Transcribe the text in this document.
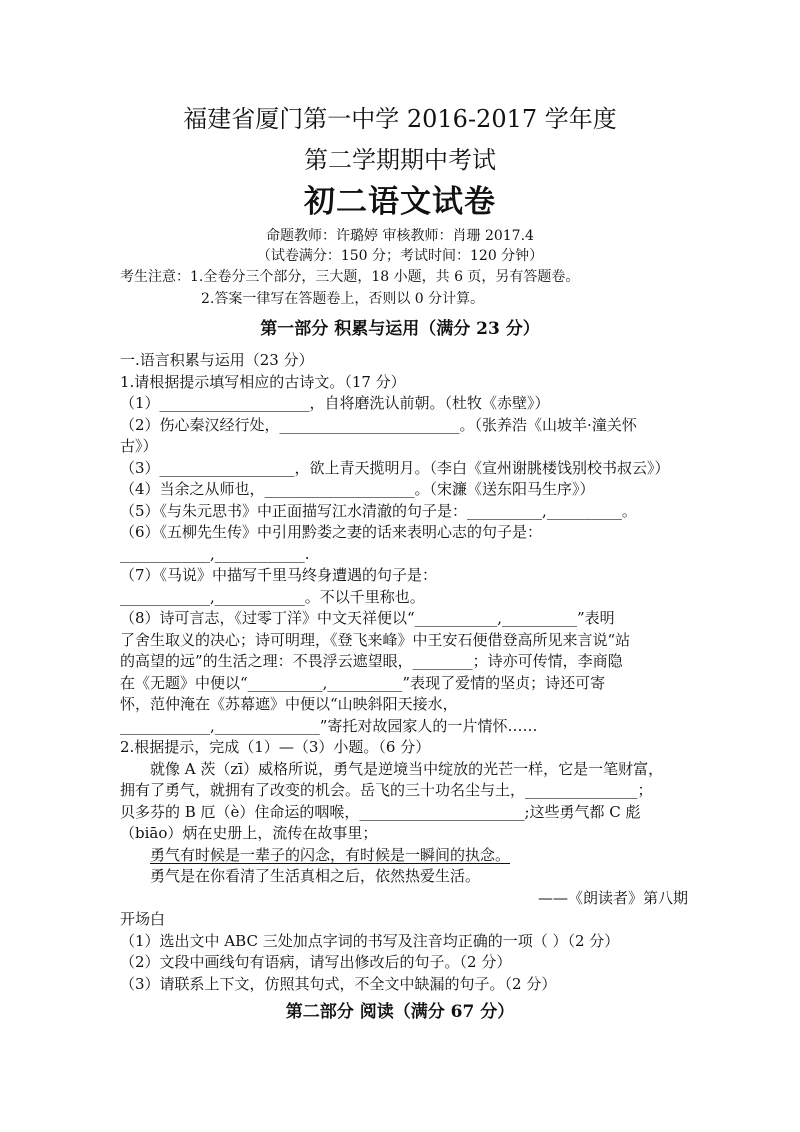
福建省厦门第一中学 2016-2017 学年度
第二学期期中考试
初二语文试卷
命题教师：许璐婷 审核教师：肖珊 2017.4
（试卷满分：150 分；考试时间：120 分钟）
考生注意：1.全卷分三个部分，三大题，18 小题，共 6 页，另有答题卷。
2.答案一律写在答题卷上，否则以 0 分计算。
第一部分 积累与运用（满分 23 分）
一.语言积累与运用（23 分）
1.请根据提示填写相应的古诗文。（17 分）
（1）____________________，自将磨洗认前朝。（杜牧《赤壁》）
（2）伤心秦汉经行处，________________________。（张养浩《山坡羊·潼关怀
古》）
（3）__________________，欲上青天揽明月。（李白《宣州谢朓楼饯别校书叔云》）
（4）当余之从师也，____________________。（宋濂《送东阳马生序》）
（5）《与朱元思书》中正面描写江水清澈的句子是：__________,__________。
（6）《五柳先生传》中引用黔娄之妻的话来表明心志的句子是：
____________,____________.
（7）《马说》中描写千里马终身遭遇的句子是：
____________,____________。不以千里称也。
（8）诗可言志，《过零丁洋》中文天祥便以“___________,__________”表明
了舍生取义的决心；诗可明理，《登飞来峰》中王安石便借登高所见来言说“站
的高望的远”的生活之理：不畏浮云遮望眼，________；诗亦可传情，李商隐
在《无题》中便以“__________,__________”表现了爱情的坚贞；诗还可寄
怀，范仲淹在《苏幕遮》中便以“山映斜阳天接水，
____________,______________”寄托对故园家人的一片情怀……
2.根据提示，完成（1）—（3）小题。（6 分）
就像 A 茨（zī）威格所说，勇气是逆境当中绽放的光芒一样，它是一笔财富，
拥有了勇气，就拥有了改变的机会。岳飞的三十功名尘与土，_______________；
贝多芬的 B 厄（è）住命运的咽喉，______________________;这些勇气都 C 彪
（biāo）炳在史册上，流传在故事里；
勇气有时候是一辈子的闪念，有时候是一瞬间的执念。
勇气是在你看清了生活真相之后，依然热爱生活。
——《朗读者》第八期
开场白
（1）选出文中 ABC 三处加点字词的书写及注音均正确的一项（ ）（2 分）
（2）文段中画线句有语病，请写出修改后的句子。（2 分）
（3）请联系上下文，仿照其句式，不全文中缺漏的句子。（2 分）
第二部分 阅读（满分 67 分）
